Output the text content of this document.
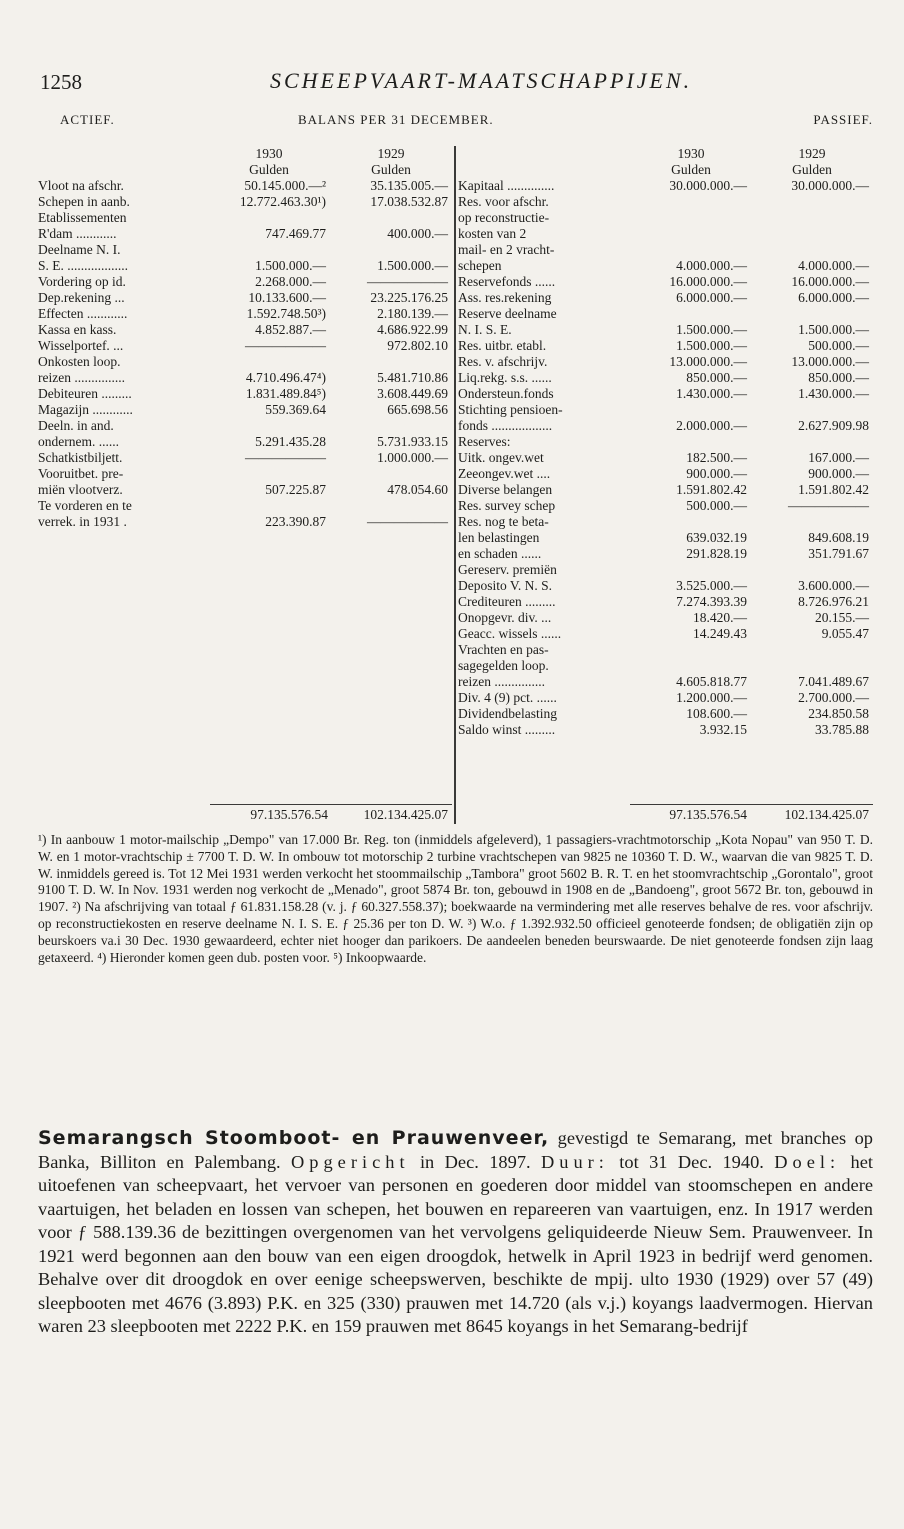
1258	SCHEEPVAART-MAATSCHAPPIJEN.
ACTIEF.	BALANS PER 31 DECEMBER.	PASSIEF.
1930	1929
Gulden	Gulden
Vloot na afschr.	50.145.000.—²	35.135.005.—
Schepen in aanb.	12.772.463.30¹)	17.038.532.87
Etablissementen
R'dam ............	747.469.77	400.000.—
Deelname N. I.
S. E. ..................	1.500.000.—	1.500.000.—
Vordering op id.	2.268.000.—	——————
Dep.rekening ...	10.133.600.—	23.225.176.25
Effecten ............	1.592.748.50³)	2.180.139.—
Kassa en kass.	4.852.887.—	4.686.922.99
Wisselportef. ...	——————	972.802.10
Onkosten loop.
reizen ...............	4.710.496.47⁴)	5.481.710.86
Debiteuren .........	1.831.489.84⁵)	3.608.449.69
Magazijn ............	559.369.64	665.698.56
Deeln. in and.
ondernem. ......	5.291.435.28	5.731.933.15
Schatkistbiljett.	——————	1.000.000.—
Vooruitbet. pre-
miën vlootverz.	507.225.87	478.054.60
Te vorderen en te
verrek. in 1931 .	223.390.87	——————
1930	1929
Gulden	Gulden
Kapitaal ..............	30.000.000.—	30.000.000.—
Res. voor afschr.
op reconstructie-
kosten van 2
mail- en 2 vracht-
schepen	4.000.000.—	4.000.000.—
Reservefonds ......	16.000.000.—	16.000.000.—
Ass. res.rekening	6.000.000.—	6.000.000.—
Reserve deelname
N. I. S. E.	1.500.000.—	1.500.000.—
Res. uitbr. etabl.	1.500.000.—	500.000.—
Res. v. afschrijv.	13.000.000.—	13.000.000.—
Liq.rekg. s.s. ......	850.000.—	850.000.—
Ondersteun.fonds	1.430.000.—	1.430.000.—
Stichting pensioen-
fonds ..................	2.000.000.—	2.627.909.98
Reserves:
Uitk. ongev.wet	182.500.—	167.000.—
Zeeongev.wet ....	900.000.—	900.000.—
Diverse belangen	1.591.802.42	1.591.802.42
Res. survey schep	500.000.—	——————
Res. nog te beta-
len belastingen	639.032.19	849.608.19
en schaden ......	291.828.19	351.791.67
Gereserv. premiën
Deposito V. N. S.	3.525.000.—	3.600.000.—
Crediteuren .........	7.274.393.39	8.726.976.21
Onopgevr. div. ...	18.420.—	20.155.—
Geacc. wissels ......	14.249.43	9.055.47
Vrachten en pas-
sagegelden loop.
reizen ...............	4.605.818.77	7.041.489.67
Div. 4 (9) pct. ......	1.200.000.—	2.700.000.—
Dividendbelasting	108.600.—	234.850.58
Saldo winst .........	3.932.15	33.785.88
97.135.576.54	102.134.425.07	97.135.576.54	102.134.425.07
¹) In aanbouw 1 motor-mailschip „Dempo" van 17.000 Br. Reg. ton (inmiddels afgeleverd), 1 passagiers-vrachtmotorschip „Kota Nopau" van 950 T. D. W. en 1 motor-vrachtschip ± 7700 T. D. W. In ombouw tot motorschip 2 turbine vrachtschepen van 9825 ne 10360 T. D. W., waarvan die van 9825 T. D. W. inmiddels gereed is. Tot 12 Mei 1931 werden verkocht het stoommailschip „Tambora" groot 5602 B. R. T. en het stoomvrachtschip „Gorontalo", groot 9100 T. D. W. In Nov. 1931 werden nog verkocht de „Menado", groot 5874 Br. ton, gebouwd in 1908 en de „Bandoeng", groot 5672 Br. ton, gebouwd in 1907. ²) Na afschrijving van totaal ƒ 61.831.158.28 (v. j. ƒ 60.327.558.37); boekwaarde na vermindering met alle reserves behalve de res. voor afschrijv. op reconstructiekosten en reserve deelname N. I. S. E. ƒ 25.36 per ton D. W. ³) W.o. ƒ 1.392.932.50 officieel genoteerde fondsen; de obligatiën zijn op beurskoers va.i 30 Dec. 1930 gewaardeerd, echter niet hooger dan parikoers. De aandeelen beneden beurswaarde. De niet genoteerde fondsen zijn laag getaxeerd. ⁴) Hieronder komen geen dub. posten voor. ⁵) Inkoopwaarde.
Semarangsch Stoomboot- en Prauwenveer, gevestigd te Semarang, met branches op Banka, Billiton en Palembang. Opgericht in Dec. 1897. Duur: tot 31 Dec. 1940. Doel: het uitoefenen van scheepvaart, het vervoer van personen en goederen door middel van stoomschepen en andere vaartuigen, het beladen en lossen van schepen, het bouwen en repareeren van vaartuigen, enz. In 1917 werden voor ƒ 588.139.36 de bezittingen overgenomen van het vervolgens geliquideerde Nieuw Sem. Prauwenveer. In 1921 werd begonnen aan den bouw van een eigen droogdok, hetwelk in April 1923 in bedrijf werd genomen. Behalve over dit droogdok en over eenige scheepswerven, beschikte de mpij. ulto 1930 (1929) over 57 (49) sleepbooten met 4676 (3.893) P.K. en 325 (330) prauwen met 14.720 (als v.j.) koyangs laadvermogen. Hiervan waren 23 sleepbooten met 2222 P.K. en 159 prauwen met 8645 koyangs in het Semarang-bedrijf
